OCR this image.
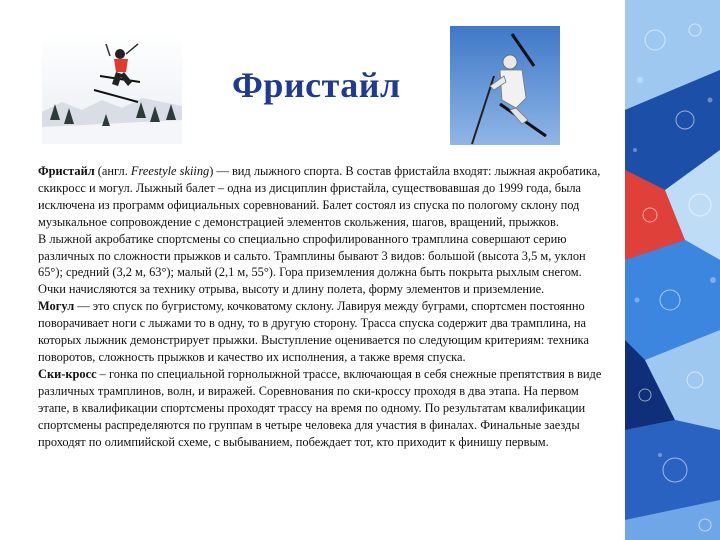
Фристайл

Фристайл (англ. Freestyle skiing) — вид лыжного спорта. В состав фристайла входят: лыжная акробатика, скикросс и могул. Лыжный балет – одна из дисциплин фристайла, существовавшая до 1999 года, была исключена из программ официальных соревнований. Балет состоял из спуска по пологому склону под музыкальное сопровождение с демонстрацией элементов скольжения, шагов, вращений, прыжков.

В лыжной акробатике спортсмены со специально спрофилированного трамплина совершают серию различных по сложности прыжков и сальто. Трамплины бывают 3 видов: большой (высота 3,5 м, уклон 65°); средний (3,2 м, 63°); малый (2,1 м, 55°). Гора приземления должна быть покрыта рыхлым снегом. Очки начисляются за технику отрыва, высоту и длину полета, форму элементов и приземление.

Могул — это спуск по бугристому, кочковатому склону. Лавируя между буграми, спортсмен постоянно поворачивает ноги с лыжами то в одну, то в другую сторону. Трасса спуска содержит два трамплина, на которых лыжник демонстрирует прыжки. Выступление оценивается по следующим критериям: техника поворотов, сложность прыжков и качество их исполнения, а также время спуска.

Ски-кросс – гонка по специальной горнолыжной трассе, включающая в себя снежные препятствия в виде различных трамплинов, волн, и виражей. Соревнования по ски-кроссу проходя в два этапа. На первом этапе, в квалификации спортсмены проходят трассу на время по одному. По результатам квалификации спортсмены распределяются по группам в четыре человека для участия в финалах. Финальные заезды проходят по олимпийской схеме, с выбыванием, побеждает тот, кто приходит к финишу первым.
